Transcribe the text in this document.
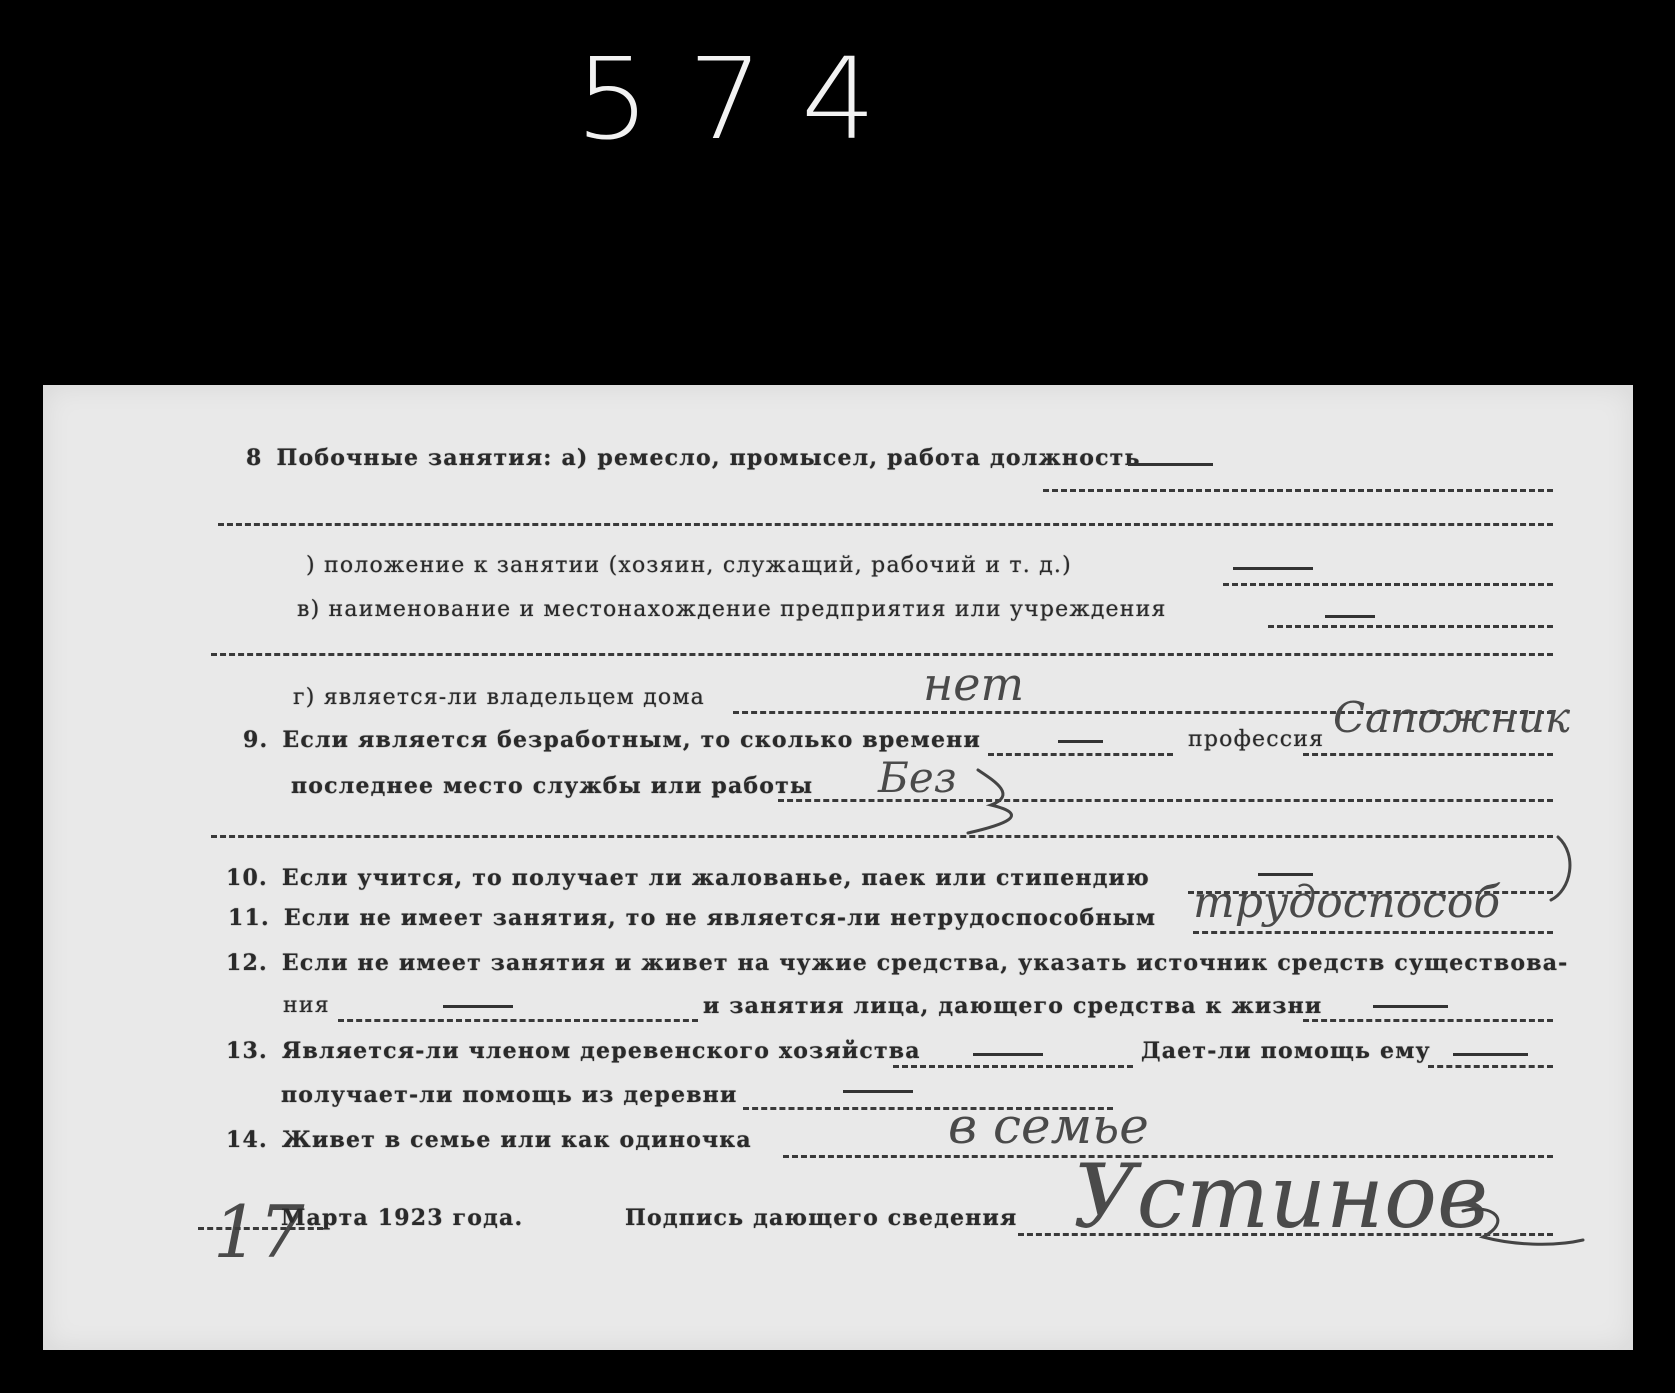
574
8 Побочные занятия: а) ремесло, промысел, работа должность
) положение к занятии (хозяин, служащий, рабочий и т. д.)
в) наименование и местонахождение предприятия или учреждения
г) является-ли владельцем дома	нет
9. Если является безработным, то сколько времени	профессия Сапожник
последнее место службы или работы Без
10. Если учится, то получает ли жалованье, паек или стипендию
11. Если не имеет занятия, то не является-ли нетрудоспособным трудоспособ
12. Если не имеет занятия и живет на чужие средства, указать источник средств существова-
ния	и занятия лица, дающего средства к жизни
13. Является-ли членом деревенского хозяйства	Дает-ли помощь ему
получает-ли помощь из деревни
14. Живет в семье или как одиночка	в семье
17
Марта 1923 года.	Подпись дающего сведения Устинов
